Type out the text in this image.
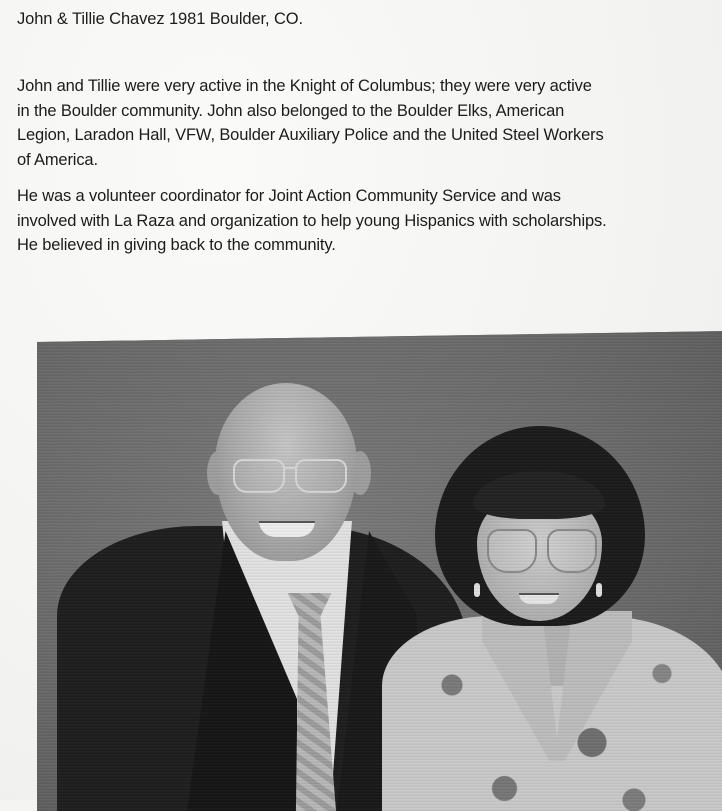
John & Tillie Chavez 1981 Boulder, CO.
John and Tillie were very active in the Knight of Columbus; they were very active
in the Boulder community. John also belonged to the Boulder Elks, American
Legion, Laradon Hall, VFW, Boulder Auxiliary Police and the United Steel Workers
of America.
He was a volunteer coordinator for Joint Action Community Service and was
involved with La Raza and organization to help young Hispanics with scholarships.
He believed in giving back to the community.
